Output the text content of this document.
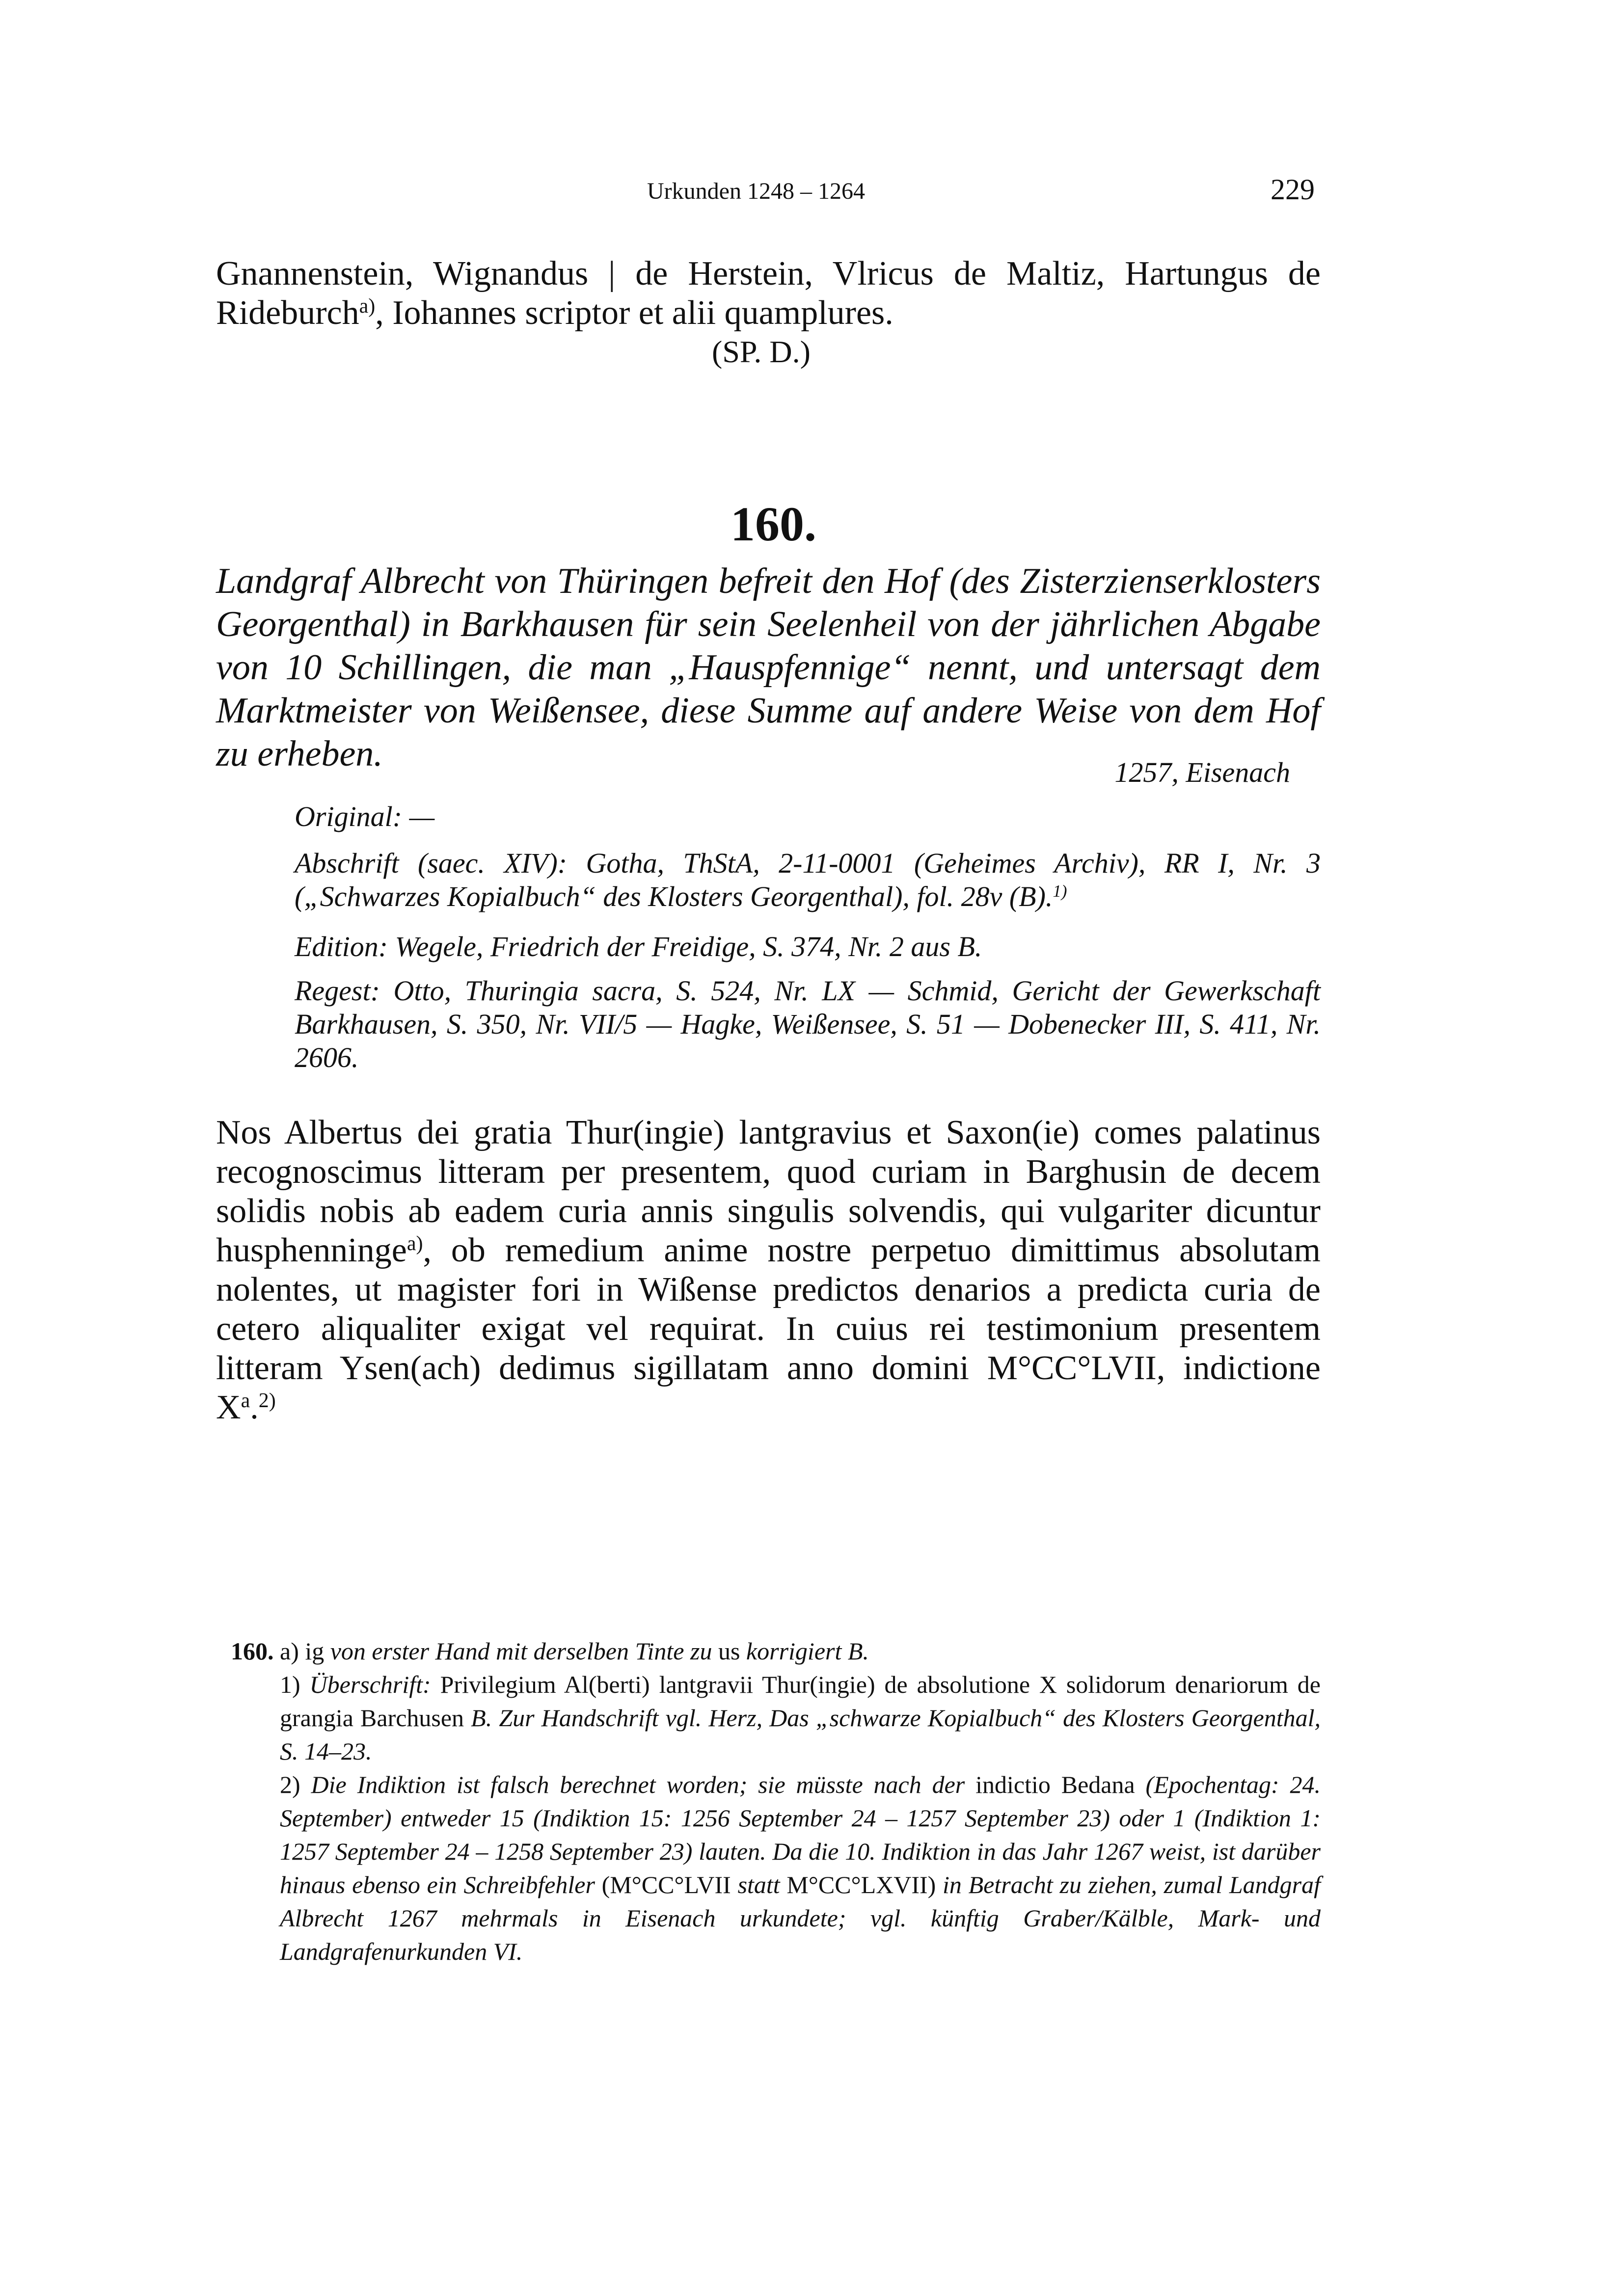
Urkunden 1248 – 1264	229
Gnannenstein, Wignandus | de Herstein, Vlricus de Maltiz, Hartungus de Rideburch$^{a)}$, Iohannes scriptor et alii quamplures.
(SP. D.)
160.
Landgraf Albrecht von Thüringen befreit den Hof (des Zisterzienserklosters Georgenthal) in Barkhausen für sein Seelenheil von der jährlichen Abgabe von 10 Schillingen, die man „Hauspfennige“ nennt, und untersagt dem Marktmeister von Weißensee, diese Summe auf andere Weise von dem Hof zu erheben.	1257, Eisenach
Original: —
Abschrift (saec. XIV): Gotha, ThStA, 2-11-0001 (Geheimes Archiv), RR I, Nr. 3 („Schwarzes Kopialbuch“ des Klosters Georgenthal), fol. 28v (B).$^{1)}$
Edition: Wegele, Friedrich der Freidige, S. 374, Nr. 2 aus B.
Regest: Otto, Thuringia sacra, S. 524, Nr. LX — Schmid, Gericht der Gewerkschaft Barkhausen, S. 350, Nr. VII/5 — Hagke, Weißensee, S. 51 — Dobenecker III, S. 411, Nr. 2606.
Nos Albertus dei gratia Thur(ingie) lantgravius et Saxon(ie) comes palatinus recognoscimus litteram per presentem, quod curiam in Barghusin de decem solidis nobis ab eadem curia annis singulis solvendis, qui vulgariter dicuntur husphenninge$^{a)}$, ob remedium anime nostre perpetuo dimittimus absolutam nolentes, ut magister fori in Wißense predictos denarios a predicta curia de cetero aliqualiter exigat vel requirat. In cuius rei testimonium presentem litteram Ysen(ach) dedimus sigillatam anno domini M°CC°LVII, indictione $X^a.^{2)}$
160. a) ig von erster Hand mit derselben Tinte zu us korrigiert B.
1) Überschrift: Privilegium Al(berti) lantgravii Thur(ingie) de absolutione X solidorum denariorum de grangia Barchusen B. Zur Handschrift vgl. Herz, Das „schwarze Kopialbuch“ des Klosters Georgenthal, S. 14–23.
2) Die Indiktion ist falsch berechnet worden; sie müsste nach der indictio Bedana (Epochentag: 24. September) entweder 15 (Indiktion 15: 1256 September 24 – 1257 September 23) oder 1 (Indiktion 1: 1257 September 24 – 1258 September 23) lauten. Da die 10. Indiktion in das Jahr 1267 weist, ist darüber hinaus ebenso ein Schreibfehler (M°CC°LVII statt M°CC°LXVII) in Betracht zu ziehen, zumal Landgraf Albrecht 1267 mehrmals in Eisenach urkundete; vgl. künftig Graber/Kälble, Mark- und Landgrafenurkunden VI.
